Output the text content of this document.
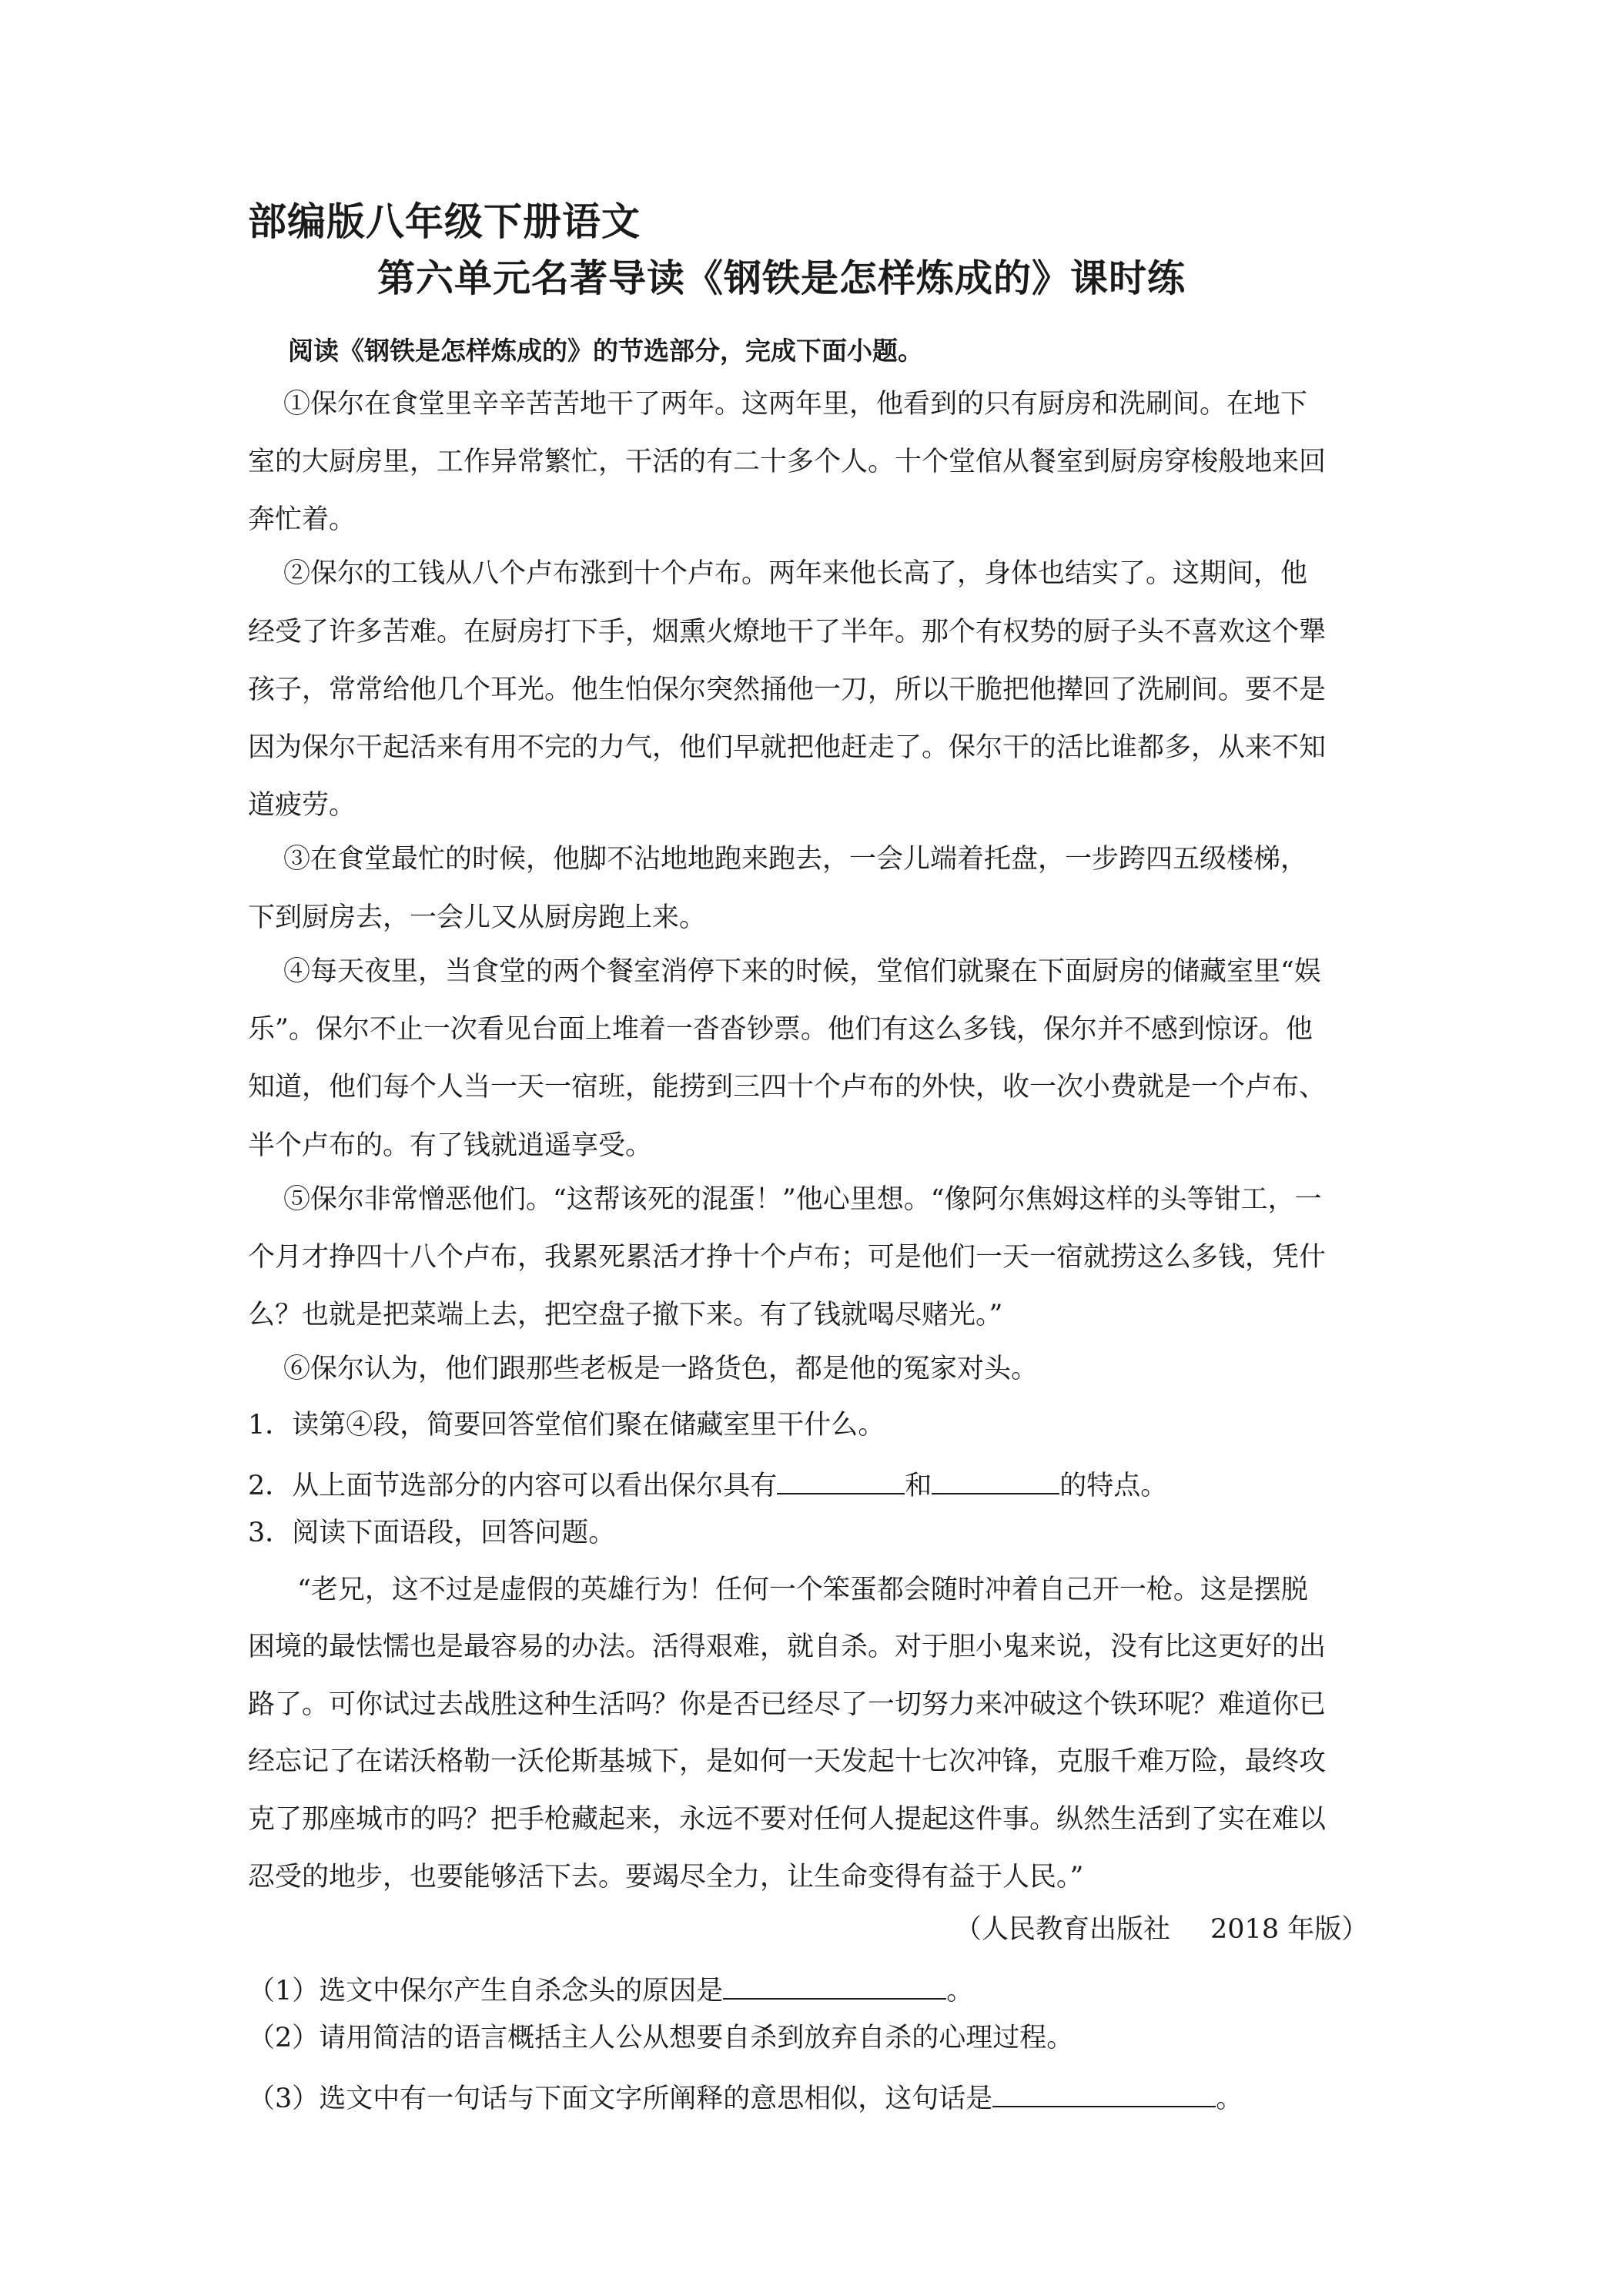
部编版八年级下册语文
第六单元名著导读《钢铁是怎样炼成的》课时练
阅读《钢铁是怎样炼成的》的节选部分，完成下面小题。
①保尔在食堂里辛辛苦苦地干了两年。这两年里，他看到的只有厨房和洗刷间。在地下
室的大厨房里，工作异常繁忙，干活的有二十多个人。十个堂倌从餐室到厨房穿梭般地来回
奔忙着。
②保尔的工钱从八个卢布涨到十个卢布。两年来他长高了，身体也结实了。这期间，他
经受了许多苦难。在厨房打下手，烟熏火燎地干了半年。那个有权势的厨子头不喜欢这个犟
孩子，常常给他几个耳光。他生怕保尔突然捅他一刀，所以干脆把他撵回了洗刷间。要不是
因为保尔干起活来有用不完的力气，他们早就把他赶走了。保尔干的活比谁都多，从来不知
道疲劳。
③在食堂最忙的时候，他脚不沾地地跑来跑去，一会儿端着托盘，一步跨四五级楼梯，
下到厨房去，一会儿又从厨房跑上来。
④每天夜里，当食堂的两个餐室消停下来的时候，堂倌们就聚在下面厨房的储藏室里“娱
乐”。保尔不止一次看见台面上堆着一沓沓钞票。他们有这么多钱，保尔并不感到惊讶。他
知道，他们每个人当一天一宿班，能捞到三四十个卢布的外快，收一次小费就是一个卢布、
半个卢布的。有了钱就逍遥享受。
⑤保尔非常憎恶他们。“这帮该死的混蛋！”他心里想。“像阿尔焦姆这样的头等钳工，一
个月才挣四十八个卢布，我累死累活才挣十个卢布；可是他们一天一宿就捞这么多钱，凭什
么？也就是把菜端上去，把空盘子撤下来。有了钱就喝尽赌光。”
⑥保尔认为，他们跟那些老板是一路货色，都是他的冤家对头。
1．读第④段，简要回答堂倌们聚在储藏室里干什么。
2．从上面节选部分的内容可以看出保尔具有	和	的特点。
3．阅读下面语段，回答问题。
“老兄，这不过是虚假的英雄行为！任何一个笨蛋都会随时冲着自己开一枪。这是摆脱
困境的最怯懦也是最容易的办法。活得艰难，就自杀。对于胆小鬼来说，没有比这更好的出
路了。可你试过去战胜这种生活吗？你是否已经尽了一切努力来冲破这个铁环呢？难道你已
经忘记了在诺沃格勒一沃伦斯基城下，是如何一天发起十七次冲锋，克服千难万险，最终攻
克了那座城市的吗？把手枪藏起来，永远不要对任何人提起这件事。纵然生活到了实在难以
忍受的地步，也要能够活下去。要竭尽全力，让生命变得有益于人民。”
（人民教育出版社 2018 年版）
（1）选文中保尔产生自杀念头的原因是	。
（2）请用简洁的语言概括主人公从想要自杀到放弃自杀的心理过程。
（3）选文中有一句话与下面文字所阐释的意思相似，这句话是	。
